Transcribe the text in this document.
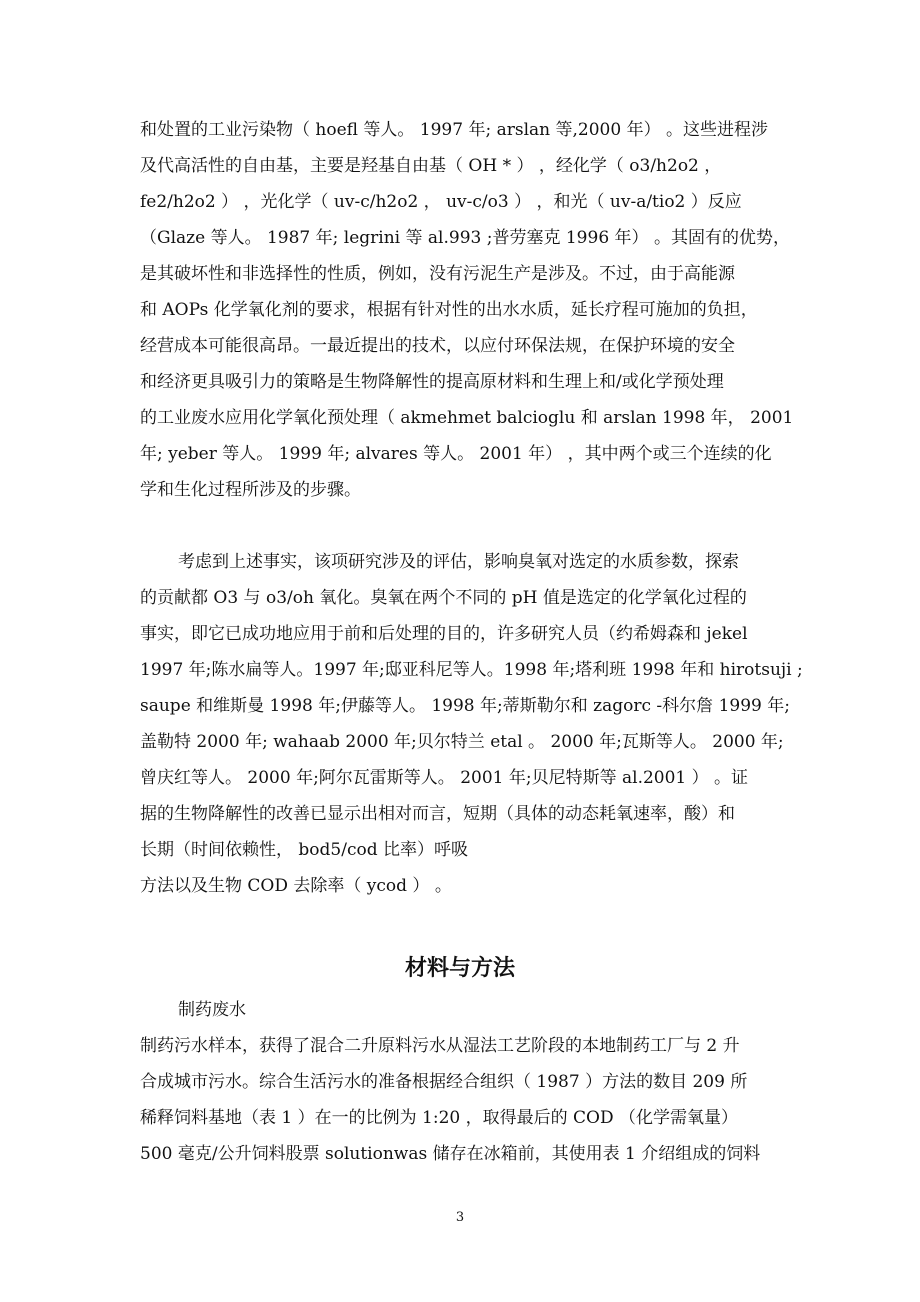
和处置的工业污染物（ hoefl 等人。 1997 年; arslan 等,2000 年） 。这些进程涉
及代高活性的自由基，主要是羟基自由基（ OH * ） ，经化学（ o3/h2o2 ，
fe2/h2o2 ） ，光化学（ uv-c/h2o2 ， uv-c/o3 ） ，和光（ uv-a/tio2 ）反应
（Glaze 等人。 1987 年; legrini 等 al.993 ;普劳塞克 1996 年） 。其固有的优势，
是其破坏性和非选择性的性质，例如，没有污泥生产是涉及。不过，由于高能源
和 AOPs 化学氧化剂的要求，根据有针对性的出水水质，延长疗程可施加的负担，
经营成本可能很高昂。一最近提出的技术，以应付环保法规，在保护环境的安全
和经济更具吸引力的策略是生物降解性的提高原材料和生理上和/或化学预处理
的工业废水应用化学氧化预处理（ akmehmet balcioglu 和 arslan 1998 年， 2001
年; yeber 等人。 1999 年; alvares 等人。 2001 年） ，其中两个或三个连续的化
学和生化过程所涉及的步骤。
考虑到上述事实，该项研究涉及的评估，影响臭氧对选定的水质参数，探索
的贡献都 O3 与 o3/oh 氧化。臭氧在两个不同的 pH 值是选定的化学氧化过程的
事实，即它已成功地应用于前和后处理的目的，许多研究人员（约希姆森和 jekel
1997 年;陈水扁等人。1997 年;邸亚科尼等人。1998 年;塔利班 1998 年和 hirotsuji ;
saupe 和维斯曼 1998 年;伊藤等人。 1998 年;蒂斯勒尔和 zagorc -科尔詹 1999 年;
盖勒特 2000 年; wahaab 2000 年;贝尔特兰 etal 。 2000 年;瓦斯等人。 2000 年;
曾庆红等人。 2000 年;阿尔瓦雷斯等人。 2001 年;贝尼特斯等 al.2001 ） 。证
据的生物降解性的改善已显示出相对而言，短期（具体的动态耗氧速率，酸）和
长期（时间依赖性， bod5/cod 比率）呼吸
方法以及生物 COD 去除率（ ycod ） 。
材料与方法
制药废水
制药污水样本，获得了混合二升原料污水从湿法工艺阶段的本地制药工厂与 2 升
合成城市污水。综合生活污水的准备根据经合组织（ 1987 ）方法的数目 209 所
稀释饲料基地（表 1 ）在一的比例为 1:20 ，取得最后的 COD （化学需氧量）
500 毫克/公升饲料股票 solutionwas 储存在冰箱前，其使用表 1 介绍组成的饲料
3
